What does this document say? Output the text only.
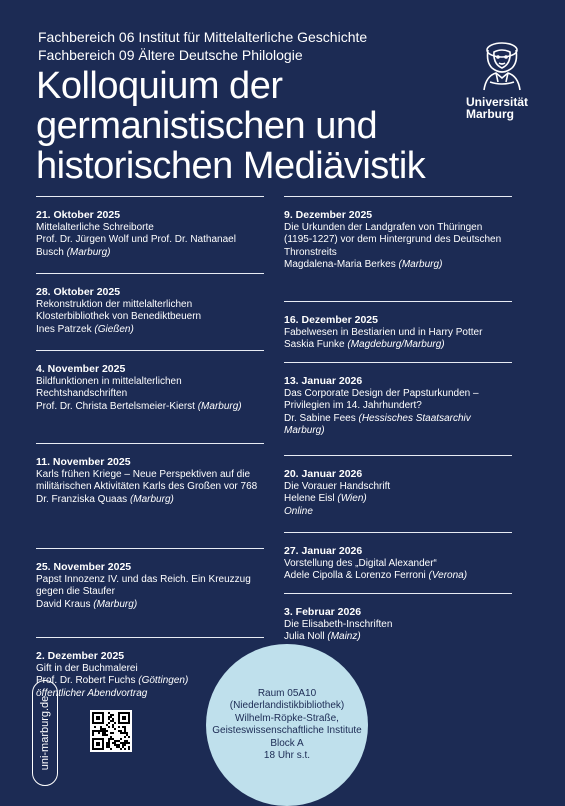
Fachbereich 06 Institut für Mittelalterliche Geschichte
Fachbereich 09 Ältere Deutsche Philologie
Kolloquium der
germanistischen und
historischen Mediävistik
Universität
Marburg
21. Oktober 2025
Mittelalterliche Schreiborte
Prof. Dr. Jürgen Wolf und Prof. Dr. Nathanael Busch (Marburg)
28. Oktober 2025
Rekonstruktion der mittelalterlichen Klosterbibliothek von Benediktbeuern
Ines Patrzek (Gießen)
4. November 2025
Bildfunktionen in mittelalterlichen Rechtshandschriften
Prof. Dr. Christa Bertelsmeier-Kierst (Marburg)
11. November 2025
Karls frühen Kriege – Neue Perspektiven auf die militärischen Aktivitäten Karls des Großen vor 768
Dr. Franziska Quaas (Marburg)
25. November 2025
Papst Innozenz IV. und das Reich. Ein Kreuzzug gegen die Staufer
David Kraus (Marburg)
2. Dezember 2025
Gift in der Buchmalerei
Prof. Dr. Robert Fuchs (Göttingen)
öffentlicher Abendvortrag
9. Dezember 2025
Die Urkunden der Landgrafen von Thüringen (1195-1227) vor dem Hintergrund des Deutschen Thronstreits
Magdalena-Maria Berkes (Marburg)
16. Dezember 2025
Fabelwesen in Bestiarien und in Harry Potter
Saskia Funke (Magdeburg/Marburg)
13. Januar 2026
Das Corporate Design der Papsturkunden – Privilegien im 14. Jahrhundert?
Dr. Sabine Fees (Hessisches Staatsarchiv Marburg)
20. Januar 2026
Die Vorauer Handschrift
Helene Eisl (Wien)
Online
27. Januar 2026
Vorstellung des „Digital Alexander“
Adele Cipolla & Lorenzo Ferroni (Verona)
3. Februar 2026
Die Elisabeth-Inschriften
Julia Noll (Mainz)
uni-marburg.de
Raum 05A10
(Niederlandistikbibliothek)
Wilhelm-Röpke-Straße,
Geisteswissenschaftliche Institute
Block A
18 Uhr s.t.
